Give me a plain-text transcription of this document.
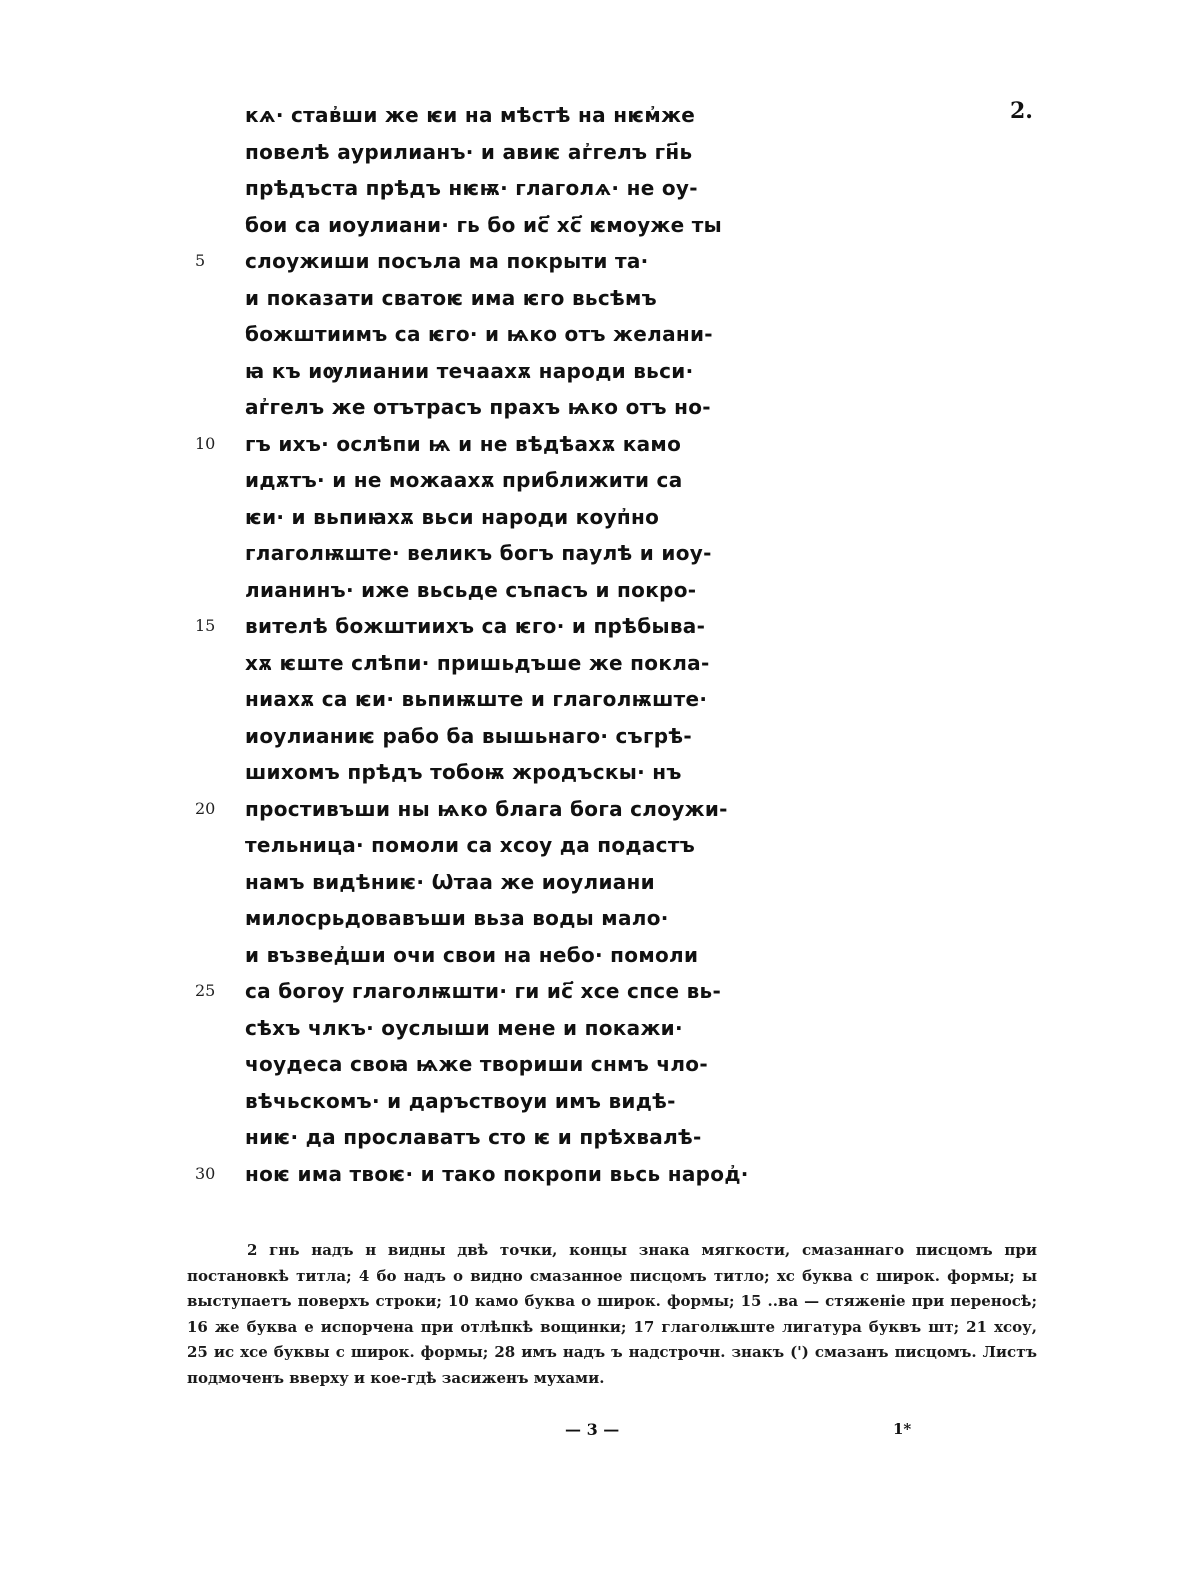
2.
кѧ· став҆ши же ѥи на мѣстѣ на нѥм҆же
повелѣ аурилианъ· и авиѥ аг҆гелъ гн҃ь
прѣдъста прѣдъ нѥѭ· глаголѧ· не оу-
бои са иоулиани· гь бо ис҃ хс҃ ѥмоуже ты
5	слоужиши посъла ма покрыти та·
и показати сватоѥ има ѥго вьсѣмъ
божштиимъ са ѥго· и ѩко отъ желани-
ꙗ къ иѹлиании течаахѫ народи вьси·
аг҆гелъ же отътрасъ прахъ ѩко отъ но-
10	гъ ихъ· ослѣпи ѩ и не вѣдѣахѫ камо
идѫтъ· и не можаахѫ приближити са
ѥи· и вьпиꙗхѫ вьси народи коуп҆но
глаголѭште· великъ богъ паулѣ и иоу-
лианинъ· иже вьсьде съпасъ и покро-
15	вителѣ божштиихъ са ѥго· и прѣбыва-
хѫ ѥште слѣпи· пришьдъше же покла-
ниахѫ са ѥи· вьпиѭште и глаголѭште·
иоулианиѥ рабо ба вышьнаго· съгрѣ-
шихомъ прѣдъ тобоѭ жродъскы· нъ
20	простивъши ны ѩко блага бога слоужи-
тельница· помоли са хсоу да подастъ
намъ видѣниѥ· Ѡтаа же иоулиани
милосрьдовавъши вьза воды мало·
и възвед҆ши очи свои на небо· помоли
25	са богоу глаголѭшти· ги ис҃ хсе спсе вь-
сѣхъ члкъ· оуслыши мене и покажи·
чоудеса своꙗ ѩже твориши снмъ чло-
вѣчьскомъ· и даръствоуи имъ видѣ-
ниѥ· да прославатъ сто ѥ и прѣхвалѣ-
30	ноѥ има твоѥ· и тако покропи вьсь народ҆·
2 гнь надъ н видны двѣ точки, концы знака мягкости, смазаннаго писцомъ при постановкѣ титла; 4 бо надъ о видно смазанное писцомъ титло; хс буква с широк. формы; ы выступаетъ поверхъ строки; 10 камо буква о широк. формы; 15 ..ва — стяженіе при переносѣ; 16 же буква е испорчена при отлѣпкѣ вощинки; 17 глаголѭште лигатура буквъ шт; 21 хсоу, 25 ис хсе буквы с широк. формы; 28 имъ надъ ъ надстрочн. знакъ (') смазанъ писцомъ. Листъ подмоченъ вверху и кое-гдѣ засиженъ мухами.
— 3 —	1*
